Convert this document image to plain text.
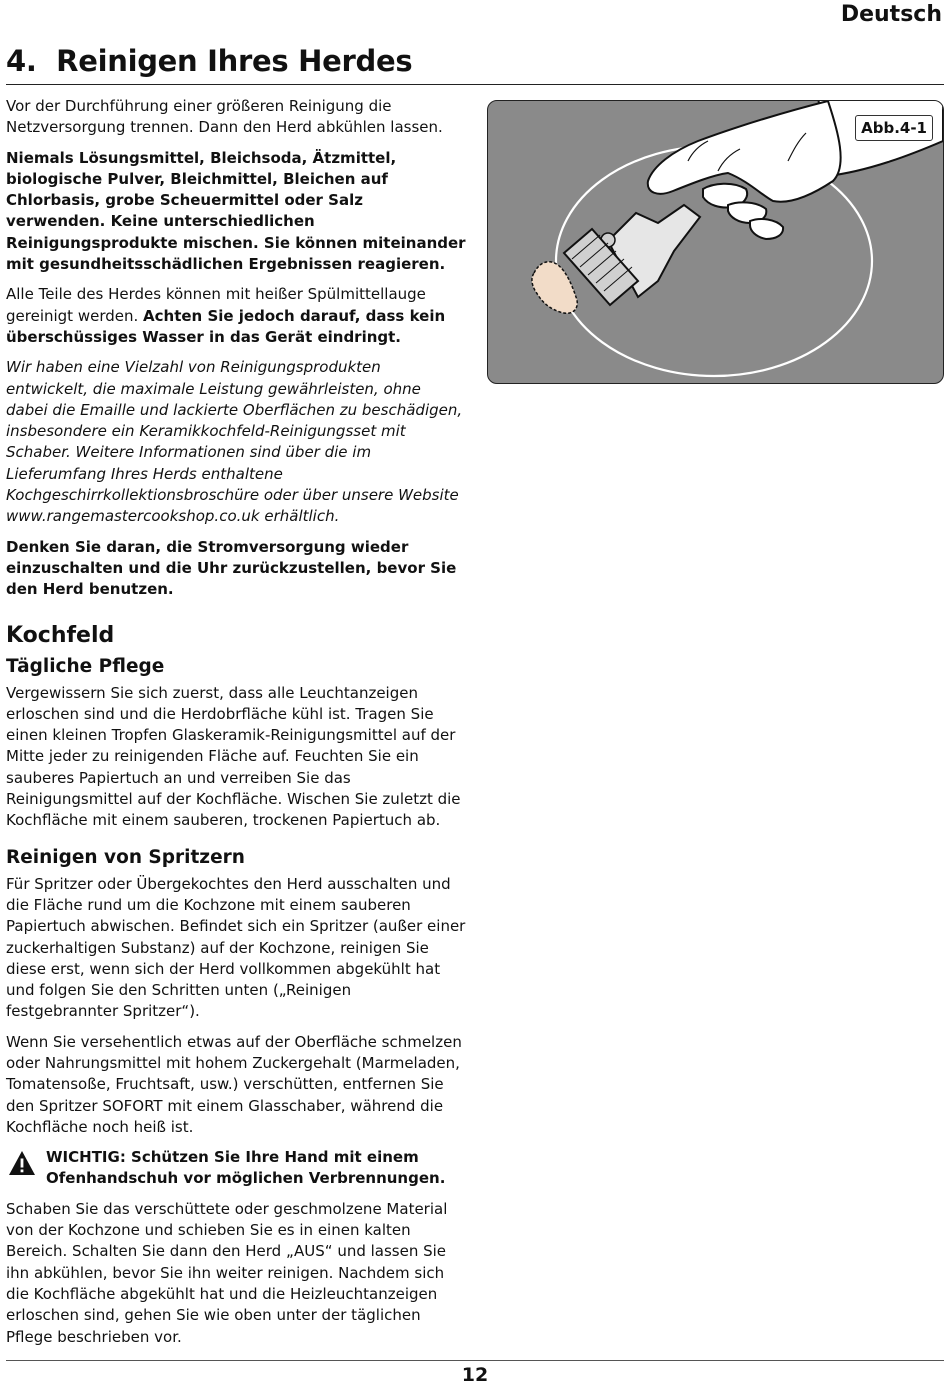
Deutsch
4.  Reinigen Ihres Herdes

Vor der Durchführung einer größeren Reinigung die Netzversorgung trennen. Dann den Herd abkühlen lassen.

Niemals Lösungsmittel, Bleichsoda, Ätzmittel, biologische Pulver, Bleichmittel, Bleichen auf Chlorbasis, grobe Scheuermittel oder Salz verwenden. Keine unterschiedlichen Reinigungsprodukte mischen. Sie können miteinander mit gesundheitsschädlichen Ergebnissen reagieren.

Alle Teile des Herdes können mit heißer Spülmittellauge gereinigt werden. Achten Sie jedoch darauf, dass kein überschüssiges Wasser in das Gerät eindringt.

Wir haben eine Vielzahl von Reinigungsprodukten entwickelt, die maximale Leistung gewährleisten, ohne dabei die Emaille und lackierte Oberflächen zu beschädigen, insbesondere ein Keramikkochfeld-Reinigungsset mit Schaber. Weitere Informationen sind über die im Lieferumfang Ihres Herds enthaltene Kochgeschirrkollektionsbroschüre oder über unsere Website www.rangemastercookshop.co.uk erhältlich.

Denken Sie daran, die Stromversorgung wieder einzuschalten und die Uhr zurückzustellen, bevor Sie den Herd benutzen.

Kochfeld
Tägliche Pflege

Vergewissern Sie sich zuerst, dass alle Leuchtanzeigen erloschen sind und die Herdobrfläche kühl ist. Tragen Sie einen kleinen Tropfen Glaskeramik-Reinigungsmittel auf der Mitte jeder zu reinigenden Fläche auf. Feuchten Sie ein sauberes Papiertuch an und verreiben Sie das Reinigungsmittel auf der Kochfläche. Wischen Sie zuletzt die Kochfläche mit einem sauberen, trockenen Papiertuch ab.

Reinigen von Spritzern

Für Spritzer oder Übergekochtes den Herd ausschalten und die Fläche rund um die Kochzone mit einem sauberen Papiertuch abwischen. Befindet sich ein Spritzer (außer einer zuckerhaltigen Substanz) auf der Kochzone, reinigen Sie diese erst, wenn sich der Herd vollkommen abgekühlt hat und folgen Sie den Schritten unten („Reinigen festgebrannter Spritzer“).

Wenn Sie versehentlich etwas auf der Oberfläche schmelzen oder Nahrungsmittel mit hohem Zuckergehalt (Marmeladen, Tomatensoße, Fruchtsaft, usw.) verschütten, entfernen Sie den Spritzer SOFORT mit einem Glasschaber, während die Kochfläche noch heiß ist.

WICHTIG: Schützen Sie Ihre Hand mit einem Ofenhandschuh vor möglichen Verbrennungen.

Schaben Sie das verschüttete oder geschmolzene Material von der Kochzone und schieben Sie es in einen kalten Bereich. Schalten Sie dann den Herd „AUS“ und lassen Sie ihn abkühlen, bevor Sie ihn weiter reinigen. Nachdem sich die Kochfläche abgekühlt hat und die Heizleuchtanzeigen erloschen sind, gehen Sie wie oben unter der täglichen Pflege beschrieben vor.

Abb.4-1
12
